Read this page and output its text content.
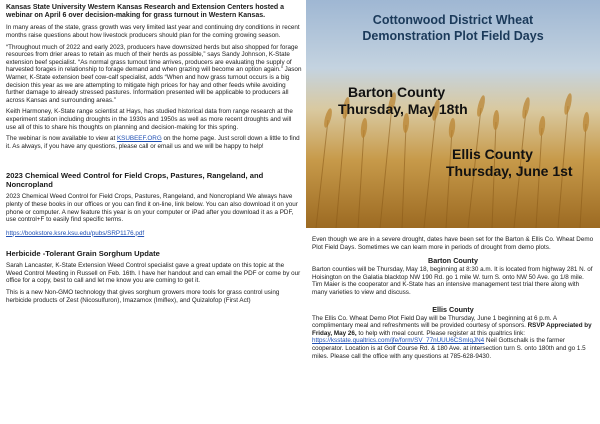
Kansas State University Western Kansas Research and Extension Centers hosted a webinar on April 6 over decision-making for grass turnout in Western Kansas.

In many areas of the state, grass growth was very limited last year and continuing dry conditions in recent months raise questions about how livestock producers should plan for the coming growing season.

“Throughout much of 2022 and early 2023, producers have downsized herds but also shopped for forage resources from drier areas to retain as much of their herds as possible,” says Sandy Johnson, K-State extension beef specialist. “As normal grass turnout time arrives, producers are evaluating the supply of harvested forages in relationship to forage demand and when grazing will become an option again.” Jason Warner, K-State extension beef cow-calf specialist, adds “When and how grass turnout occurs is a big decision this year as we are attempting to mitigate high prices for hay and other feeds while avoiding further damage to already stressed pastures. Information presented will be applicable to producers all across Kansas and surrounding areas.”

Keith Harmoney, K-State range scientist at Hays, has studied historical data from range research at the experiment station including droughts in the 1930s and 1950s as well as more recent droughts and will use all of this to share his thoughts on planning and decision-making for this spring.

The webinar is now available to view at KSUBEEF.ORG on the home page. Just scroll down a little to find it. As always, if you have any questions, please call or email us and we will be happy to help!

2023 Chemical Weed Control for Field Crops, Pastures, Rangeland, and Noncropland

2023 Chemical Weed Control for Field Crops, Pastures, Rangeland, and Noncropland We always have plenty of these books in our offices or you can find it on-line, link below. You can also download it on your phone or computer. A new feature this year is on your computer or iPad after you download it as a PDF, use control+F to easily find specific terms.

https://bookstore.ksre.ksu.edu/pubs/SRP1176.pdf

Herbicide -Tolerant Grain Sorghum Update

Sarah Lancaster, K-State Extension Weed Control specialist gave a great update on this topic at the Weed Control Meeting in Russell on Feb. 16th. I have her handout and can email the PDF or come by our office for a copy, best to call and let me know you are coming to get it.

This is a new Non-GMO technology that gives sorghum growers more tools for grass control using herbicide products of Zest (Nicosulfuron), Imazamox (Imiflex), and Quizalofop (First Act)

Cottonwood District Wheat
Demonstration Plot Field Days
Barton County
Thursday, May 18th
Ellis County
Thursday, June 1st

Even though we are in a severe drought, dates have been set for the Barton & Ellis Co. Wheat Demo Plot Field Days. Sometimes we can learn more in periods of drought from demo plots.

Barton County

Barton counties will be Thursday, May 18, beginning at 8:30 a.m. It is located from highway 281 N. of Hoisington on the Galatia blacktop NW 190 Rd. go 1 mile W. turn S. onto NW 50 Ave. go 1/8 mile. Tim Maier is the cooperator and K-State has an intensive management test trial there along with many varieties to view and discuss.

Ellis County

The Ellis Co. Wheat Demo Plot Field Day will be Thursday, June 1 beginning at 6 p.m. A complimentary meal and refreshments will be provided courtesy of sponsors. RSVP Appreciated by Friday, May 26, to help with meal count. Please register at this qualtrics link: https://ksstate.qualtrics.com/jfe/form/SV_77nUUU6CSmIqJN4 Neil Gottschalk is the farmer cooperator. Location is at Golf Course Rd. & 180 Ave. at intersection turn S. onto 180th and go 1.5 miles. Please call the office with any questions at 785-628-9430.
